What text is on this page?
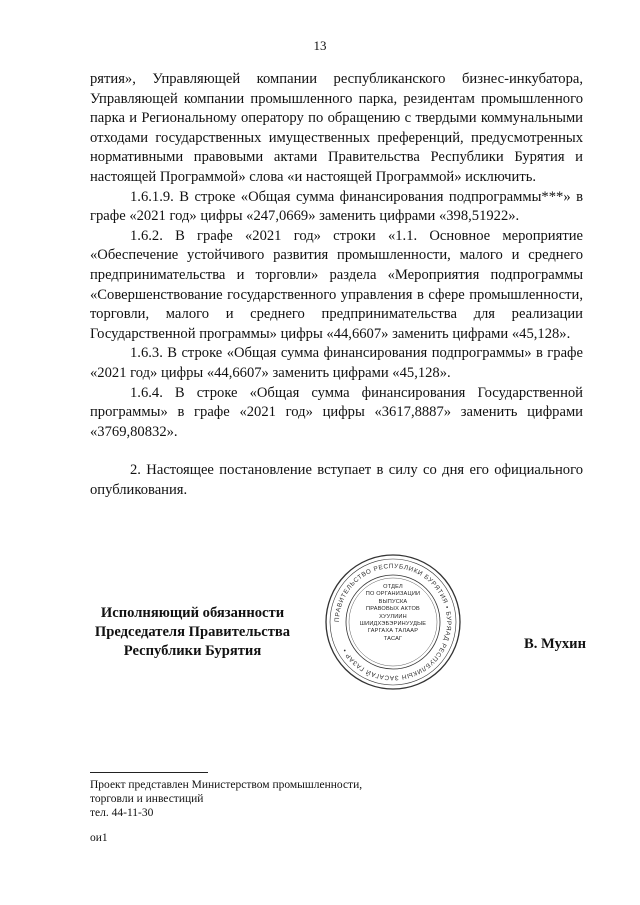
13

рятия», Управляющей компании республиканского бизнес-инкубатора, Управляющей компании промышленного парка, резидентам промышленного парка и Региональному оператору по обращению с твердыми коммунальными отходами государственных имущественных преференций, предусмотренных нормативными правовыми актами Правительства Республики Бурятия и настоящей Программой» слова «и настоящей Программой» исключить.

1.6.1.9. В строке «Общая сумма финансирования подпрограммы***» в графе «2021 год» цифры «247,0669» заменить цифрами «398,51922».

1.6.2. В графе «2021 год» строки «1.1. Основное мероприятие «Обеспечение устойчивого развития промышленности, малого и среднего предпринимательства и торговли» раздела «Мероприятия подпрограммы «Совершенствование государственного управления в сфере промышленности, торговли, малого и среднего предпринимательства для реализации Государственной программы» цифры «44,6607» заменить цифрами «45,128».

1.6.3. В строке «Общая сумма финансирования подпрограммы» в графе «2021 год» цифры «44,6607» заменить цифрами «45,128».

1.6.4. В строке «Общая сумма финансирования Государственной программы» в графе «2021 год» цифры «3617,8887» заменить цифрами «3769,80832».

2. Настоящее постановление вступает в силу со дня его официального опубликования.

Исполняющий обязанности
Председателя Правительства
Республики Бурятия
ПРАВИТЕЛЬСТВО РЕСПУБЛИКИ БУРЯТИЯ • БУРЯАД РЕСПУБЛИКЫН ЗАСАГАЙ ГАЗАР •
ОТДЕЛ
ПО ОРГАНИЗАЦИИ
ВЫПУСКА
ПРАВОВЫХ АКТОВ
ХУУЛИИН
ШИИДХЭБЭРИНУУДЫЕ
ГАРГАХА ТАЛААР
ТАСАГ	В. Мухин
Проект представлен Министерством промышленности,
торговли и инвестиций
тел. 44-11-30
ои1
